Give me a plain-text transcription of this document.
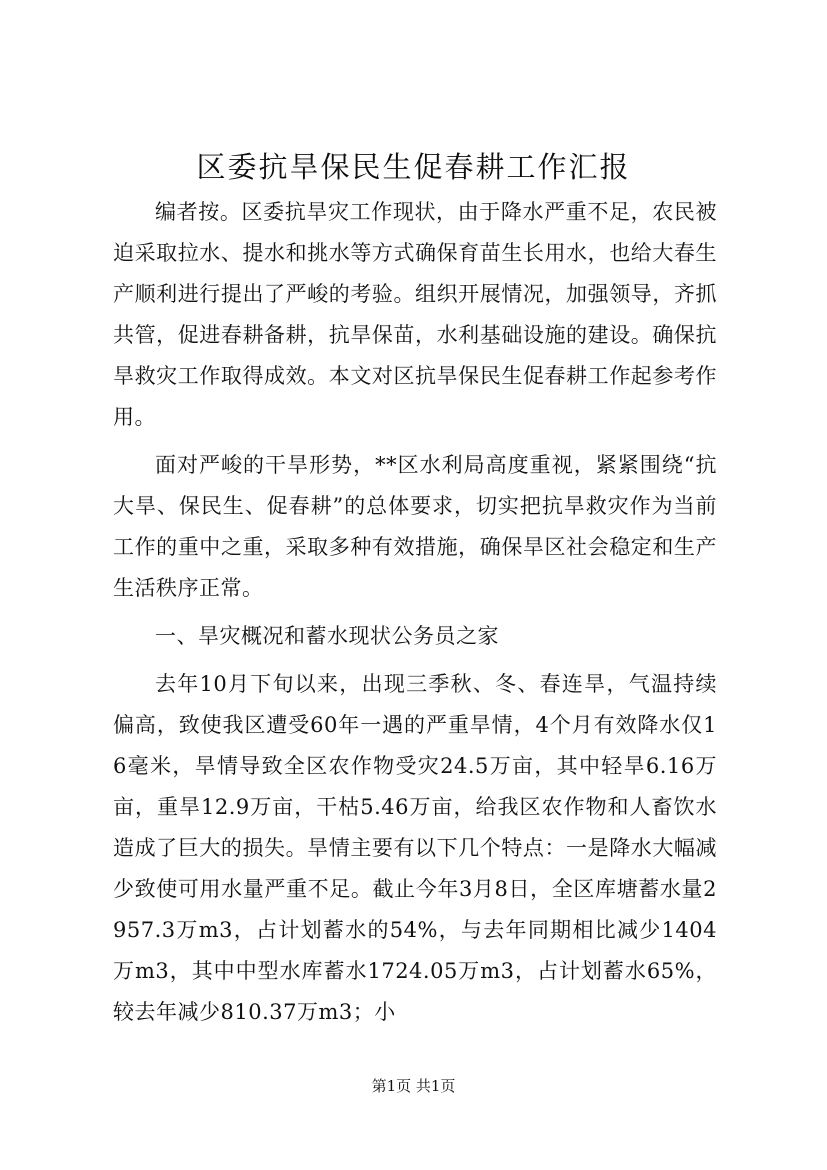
区委抗旱保民生促春耕工作汇报

编者按。区委抗旱灾工作现状，由于降水严重不足，农民被迫采取拉水、提水和挑水等方式确保育苗生长用水，也给大春生产顺利进行提出了严峻的考验。组织开展情况，加强领导，齐抓共管，促进春耕备耕，抗旱保苗，水利基础设施的建设。确保抗旱救灾工作取得成效。本文对区抗旱保民生促春耕工作起参考作用。

面对严峻的干旱形势，**区水利局高度重视，紧紧围绕“抗大旱、保民生、促春耕”的总体要求，切实把抗旱救灾作为当前工作的重中之重，采取多种有效措施，确保旱区社会稳定和生产生活秩序正常。

一、旱灾概况和蓄水现状公务员之家

去年10月下旬以来，出现三季秋、冬、春连旱，气温持续偏高，致使我区遭受60年一遇的严重旱情，4个月有效降水仅16毫米，旱情导致全区农作物受灾24.5万亩，其中轻旱6.16万亩，重旱12.9万亩，干枯5.46万亩，给我区农作物和人畜饮水造成了巨大的损失。旱情主要有以下几个特点：一是降水大幅减少致使可用水量严重不足。截止今年3月8日，全区库塘蓄水量2957.3万m3，占计划蓄水的54%，与去年同期相比减少1404万m3，其中中型水库蓄水1724.05万m3，占计划蓄水65%，较去年减少810.37万m3；小

第1页 共1页
